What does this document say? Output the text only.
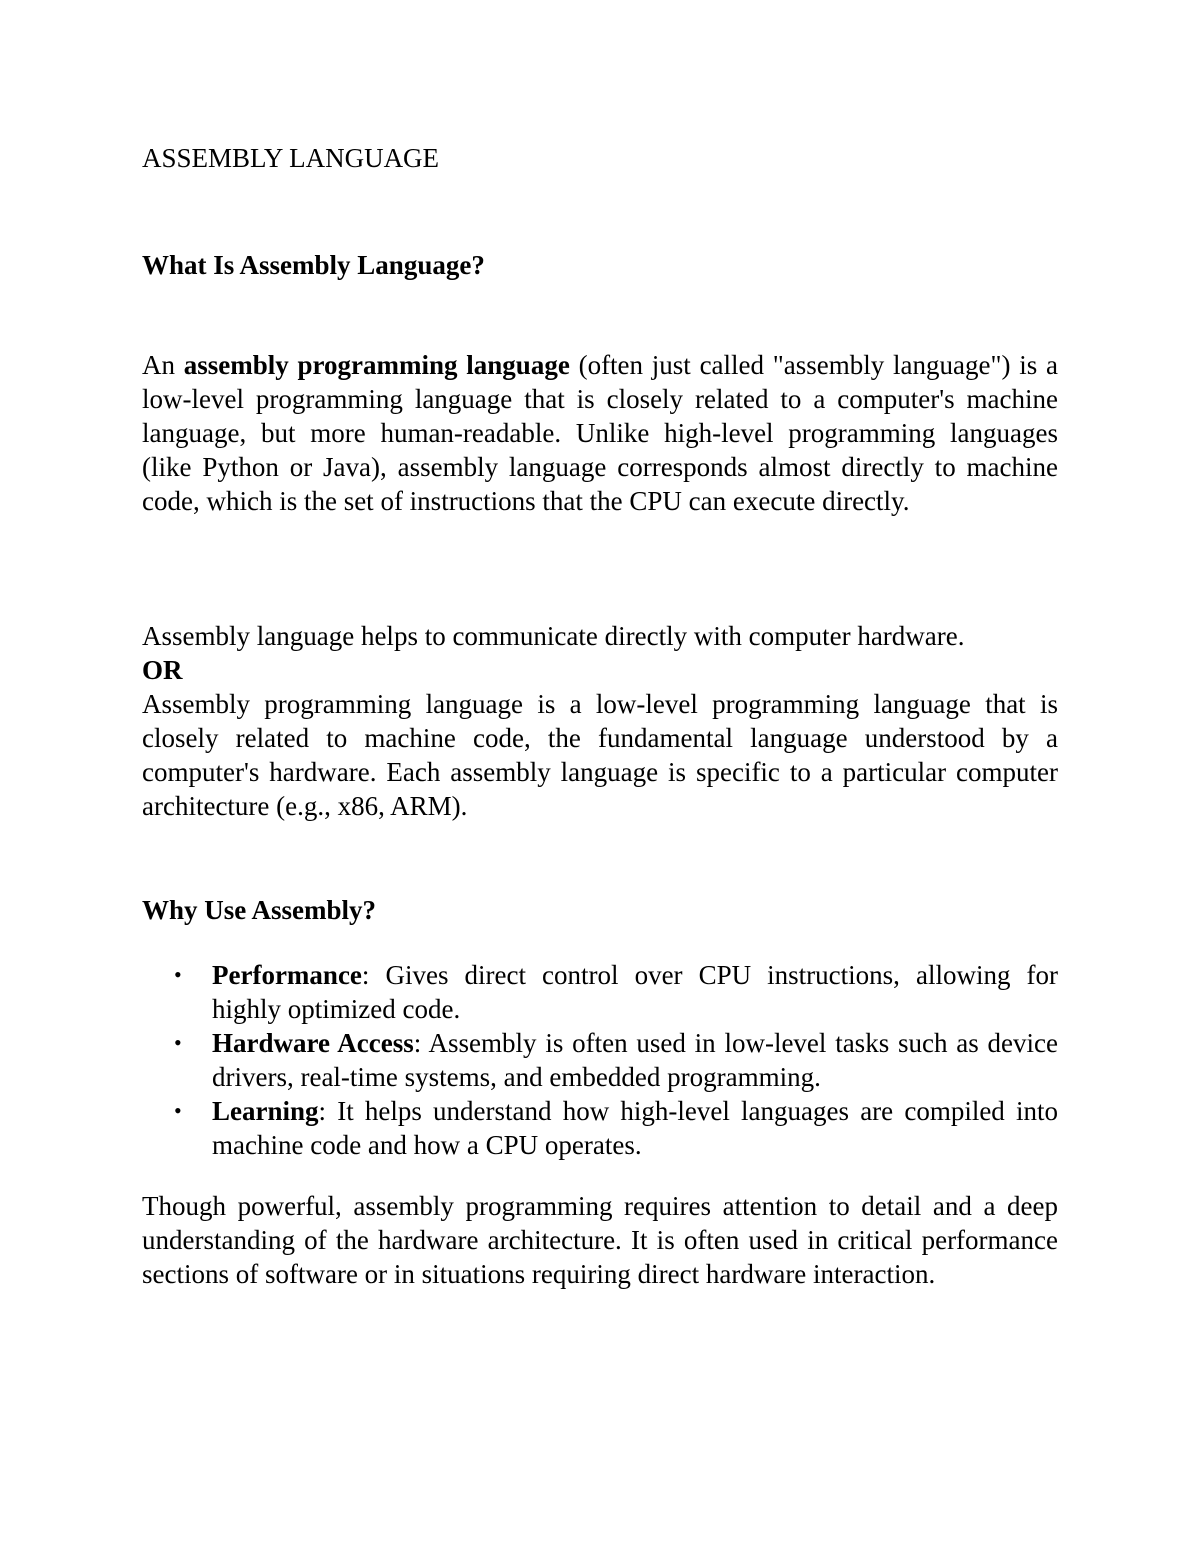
ASSEMBLY LANGUAGE
What Is Assembly Language?

An assembly programming language (often just called "assembly language") is a low-level programming language that is closely related to a computer's machine language, but more human-readable. Unlike high-level programming languages (like Python or Java), assembly language corresponds almost directly to machine code, which is the set of instructions that the CPU can execute directly.

Assembly language helps to communicate directly with computer hardware.
OR

Assembly programming language is a low-level programming language that is closely related to machine code, the fundamental language understood by a computer's hardware. Each assembly language is specific to a particular computer architecture (e.g., x86, ARM).

Why Use Assembly?
• Performance: Gives direct control over CPU instructions, allowing for highly optimized code.
• Hardware Access: Assembly is often used in low-level tasks such as device drivers, real-time systems, and embedded programming.
• Learning: It helps understand how high-level languages are compiled into machine code and how a CPU operates.

Though powerful, assembly programming requires attention to detail and a deep understanding of the hardware architecture. It is often used in critical performance sections of software or in situations requiring direct hardware interaction.
